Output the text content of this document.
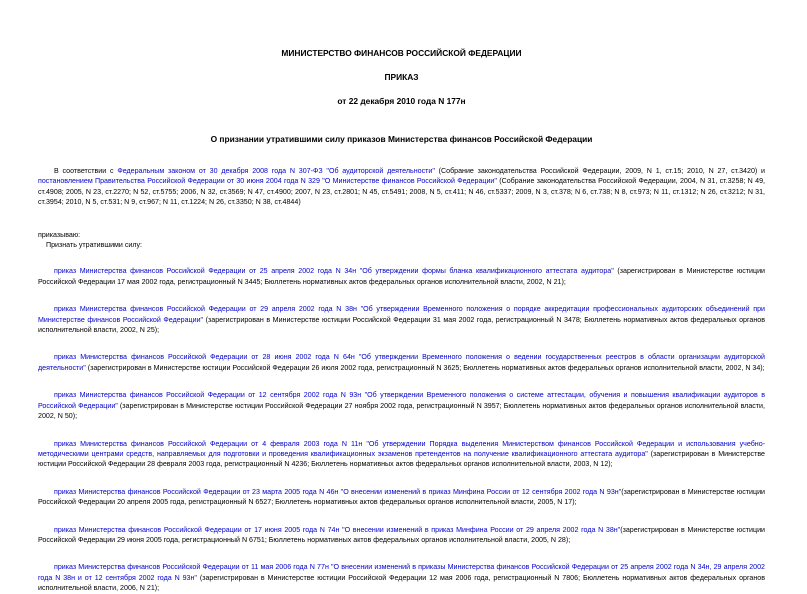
МИНИСТЕРСТВО ФИНАНСОВ РОССИЙСКОЙ ФЕДЕРАЦИИ
ПРИКАЗ
от 22 декабря 2010 года N 177н
О признании утратившими силу приказов Министерства финансов Российской Федерации

В соответствии с Федеральным законом от 30 декабря 2008 года N 307-ФЗ "Об аудиторской деятельности" (Собрание законодательства Российской Федерации, 2009, N 1, ст.15; 2010, N 27, ст.3420) и постановлением Правительства Российской Федерации от 30 июня 2004 года N 329 "О Министерстве финансов Российской Федерации" (Собрание законодательства Российской Федерации, 2004, N 31, ст.3258; N 49, ст.4908; 2005, N 23, ст.2270; N 52, ст.5755; 2006, N 32, ст.3569; N 47, ст.4900; 2007, N 23, ст.2801; N 45, ст.5491; 2008, N 5, ст.411; N 46, ст.5337; 2009, N 3, ст.378; N 6, ст.738; N 8, ст.973; N 11, ст.1312; N 26, ст.3212; N 31, ст.3954; 2010, N 5, ст.531; N 9, ст.967; N 11, ст.1224; N 26, ст.3350; N 38, ст.4844)

приказываю:

Признать утратившими силу:

приказ Министерства финансов Российской Федерации от 25 апреля 2002 года N 34н "Об утверждении формы бланка квалификационного аттестата аудитора" (зарегистрирован в Министерстве юстиции Российской Федерации 17 мая 2002 года, регистрационный N 3445; Бюллетень нормативных актов федеральных органов исполнительной власти, 2002, N 21);

приказ Министерства финансов Российской Федерации от 29 апреля 2002 года N 38н "Об утверждении Временного положения о порядке аккредитации профессиональных аудиторских объединений при Министерстве финансов Российской Федерации" (зарегистрирован в Министерстве юстиции Российской Федерации 31 мая 2002 года, регистрационный N 3478; Бюллетень нормативных актов федеральных органов исполнительной власти, 2002, N 25);

приказ Министерства финансов Российской Федерации от 28 июня 2002 года N 64н "Об утверждении Временного положения о ведении государственных реестров в области организации аудиторской деятельности" (зарегистрирован в Министерстве юстиции Российской Федерации 26 июля 2002 года, регистрационный N 3625; Бюллетень нормативных актов федеральных органов исполнительной власти, 2002, N 34);

приказ Министерства финансов Российской Федерации от 12 сентября 2002 года N 93н "Об утверждении Временного положения о системе аттестации, обучения и повышения квалификации аудиторов в Российской Федерации" (зарегистрирован в Министерстве юстиции Российской Федерации 27 ноября 2002 года, регистрационный N 3957; Бюллетень нормативных актов федеральных органов исполнительной власти, 2002, N 50);

приказ Министерства финансов Российской Федерации от 4 февраля 2003 года N 11н "Об утверждении Порядка выделения Министерством финансов Российской Федерации и использования учебно-методическими центрами средств, направляемых для подготовки и проведения квалификационных экзаменов претендентов на получение квалификационного аттестата аудитора" (зарегистрирован в Министерстве юстиции Российской Федерации 28 февраля 2003 года, регистрационный N 4236; Бюллетень нормативных актов федеральных органов исполнительной власти, 2003, N 12);

приказ Министерства финансов Российской Федерации от 23 марта 2005 года N 46н "О внесении изменений в приказ Минфина России от 12 сентября 2002 года N 93н"(зарегистрирован в Министерстве юстиции Российской Федерации 20 апреля 2005 года, регистрационный N 6527; Бюллетень нормативных актов федеральных органов исполнительной власти, 2005, N 17);

приказ Министерства финансов Российской Федерации от 17 июня 2005 года N 74н "О внесении изменений в приказ Минфина России от 29 апреля 2002 года N 38н"(зарегистрирован в Министерстве юстиции Российской Федерации 29 июня 2005 года, регистрационный N 6751; Бюллетень нормативных актов федеральных органов исполнительной власти, 2005, N 28);

приказ Министерства финансов Российской Федерации от 11 мая 2006 года N 77н "О внесении изменений в приказы Министерства финансов Российской Федерации от 25 апреля 2002 года N 34н, 29 апреля 2002 года N 38н и от 12 сентября 2002 года N 93н" (зарегистрирован в Министерстве юстиции Российской Федерации 12 мая 2006 года, регистрационный N 7806; Бюллетень нормативных актов федеральных органов исполнительной власти, 2006, N 21);
